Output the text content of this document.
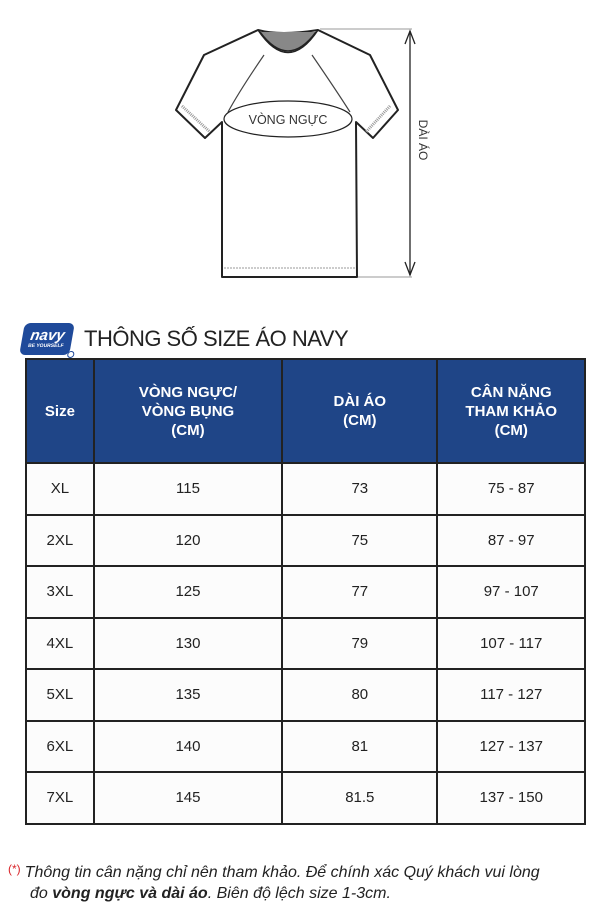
VÒNG NGỰC	DÀI ÁO
navy
BE YOURSELF THÔNG SỐ SIZE ÁO NAVY
Size	VÒNG NGỰC/
VÒNG BỤNG
(CM)	DÀI ÁO
(CM)	CÂN NẶNG
THAM KHẢO
(CM)
XL	115	73	75 - 87
2XL	120	75	87 - 97
3XL	125	77	97 - 107
4XL	130	79	107 - 117
5XL	135	80	117 - 127
6XL	140	81	127 - 137
7XL	145	81.5	137 - 150
(*) Thông tin cân nặng chỉ nên tham khảo. Để chính xác Quý khách vui lòng
đo vòng ngực và dài áo. Biên độ lệch size 1-3cm.
